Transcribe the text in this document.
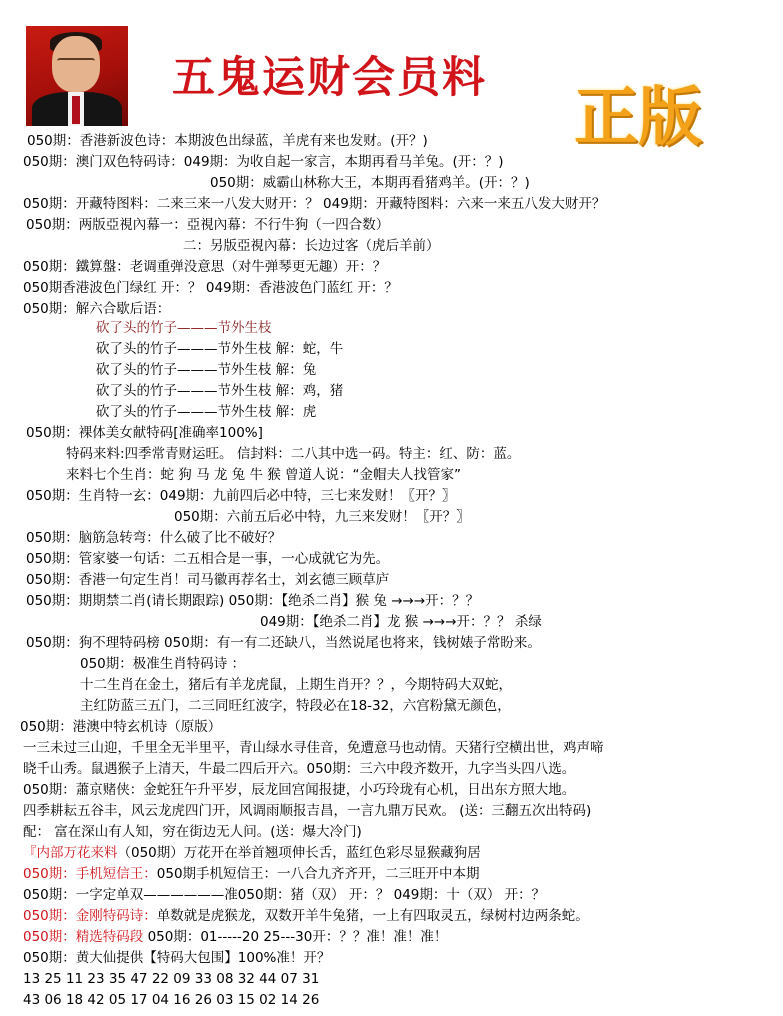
五鬼运财会员料
正版
050期：香港新波色诗：本期波色出绿蓝，羊虎有来也发财。(开？)
050期：澳门双色特码诗：049期：为收自起一家言，本期再看马羊兔。(开：？)
050期：威霸山林称大王，本期再看猪鸡羊。(开：？)
050期：开藏特图料：二来三来一八发大财开：？ 049期：开藏特图料：六来一来五八发大财开？
050期：两版亞視內幕一：亞視內幕：不行牛狗（一四合数）
二：另版亞視內幕：长边过客（虎后羊前）
050期：鐵算盤：老调重弹没意思（对牛弹琴更无趣）开：？
050期香港波色门绿红 开：？ 049期：香港波色门蓝红 开：？
050期：解六合歇后语：
砍了头的竹子———节外生枝
砍了头的竹子———节外生枝 解：蛇，牛
砍了头的竹子———节外生枝 解：兔
砍了头的竹子———节外生枝 解：鸡，猪
砍了头的竹子———节外生枝 解：虎
050期：裸体美女献特码[准确率100%]
特码来料:四季常青财运旺。 信封料：二八其中选一码。特主：红、防：蓝。
来料七个生肖：蛇 狗 马 龙 兔 牛 猴 曾道人说：“金帽夫人找管家”
050期：生肖特一玄：049期：九前四后必中特，三七来发财！〖开？〗
050期：六前五后必中特，九三来发财！〖开？〗
050期：脑筋急转弯：什么破了比不破好？
050期：管家婆一句话：二五相合是一事，一心成就它为先。
050期：香港一句定生肖！司马徽再荐名士，刘玄德三顾草庐
050期：期期禁二肖(请长期跟踪) 050期：【绝杀二肖】猴 兔 →→→开：？？
049期：【绝杀二肖】龙 猴 →→→开：？？ 杀绿
050期：狗不理特码榜 050期：有一有二还缺八，当然说尾也将来，钱树婊子常盼来。
050期：极准生肖特码诗 ：
十二生肖在金土，猪后有羊龙虎鼠，上期生肖开？？，今期特码大双蛇，
主红防蓝三五门，二三同旺红波字，特段必在18-32，六宫粉黛无颜色，
050期：港澳中特玄机诗（原版）
一三未过三山迎，千里全无半里平，青山绿水寻佳音，免遭意马也动情。天猪行空横出世，鸡声啼
晓千山秀。鼠遇猴子上清天，牛最二四后开六。050期：三六中段齐数开，九字当头四八选。
050期：蕭京赌侠：金蛇狂午升平岁，辰龙回宫闻报捷，小巧玲珑有心机，日出东方照大地。
四季耕耘五谷丰，风云龙虎四门开，风调雨顺报吉昌，一言九鼎万民欢。 (送：三翻五次出特码)
配： 富在深山有人知，穷在街边无人问。(送：爆大冷门)
『内部万花来料（050期）万花开在举首翘项伸长舌，蓝红色彩尽显猴藏狗居
050期：手机短信王：050期手机短信王：一八合九齐齐开，二三旺开中本期
050期：一字定单双——————准050期：猪（双） 开：？ 049期：十（双） 开：？
050期：金刚特码诗：单数就是虎猴龙，双数开羊牛兔猪，一上有四取灵五，绿树村边两条蛇。
050期：精选特码段 050期：01-----20 25---30开：？？准！准！准！
050期：黄大仙提供【特码大包围】100%准！开？
13 25 11 23 35 47 22 09 33 08 32 44 07 31
43 06 18 42 05 17 04 16 26 03 15 02 14 26
